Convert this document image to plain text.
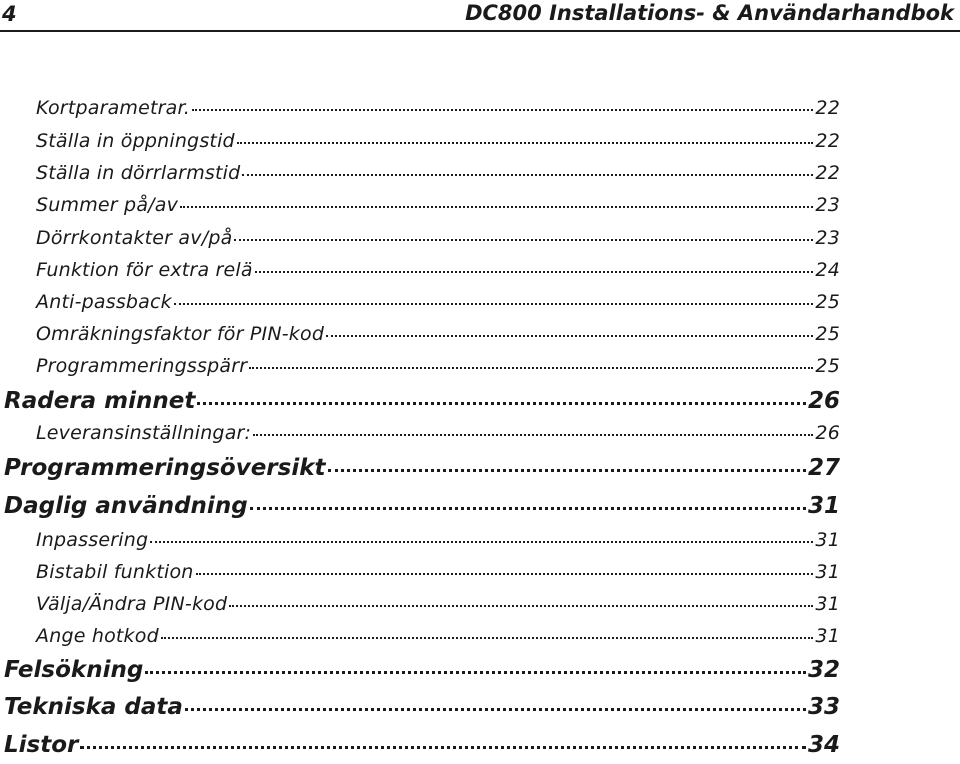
4	DC800 Installations- & Användarhandbok
Kortparametrar.	22
Ställa in öppningstid	22
Ställa in dörrlarmstid	22
Summer på/av	23
Dörrkontakter av/på	23
Funktion för extra relä	24
Anti-passback	25
Omräkningsfaktor för PIN-kod	25
Programmeringsspärr	25
Radera minnet	26
Leveransinställningar:	26
Programmeringsöversikt	27
Daglig användning	31
Inpassering	31
Bistabil funktion	31
Välja/Ändra PIN-kod	31
Ange hotkod	31
Felsökning	32
Tekniska data	33
Listor	34
